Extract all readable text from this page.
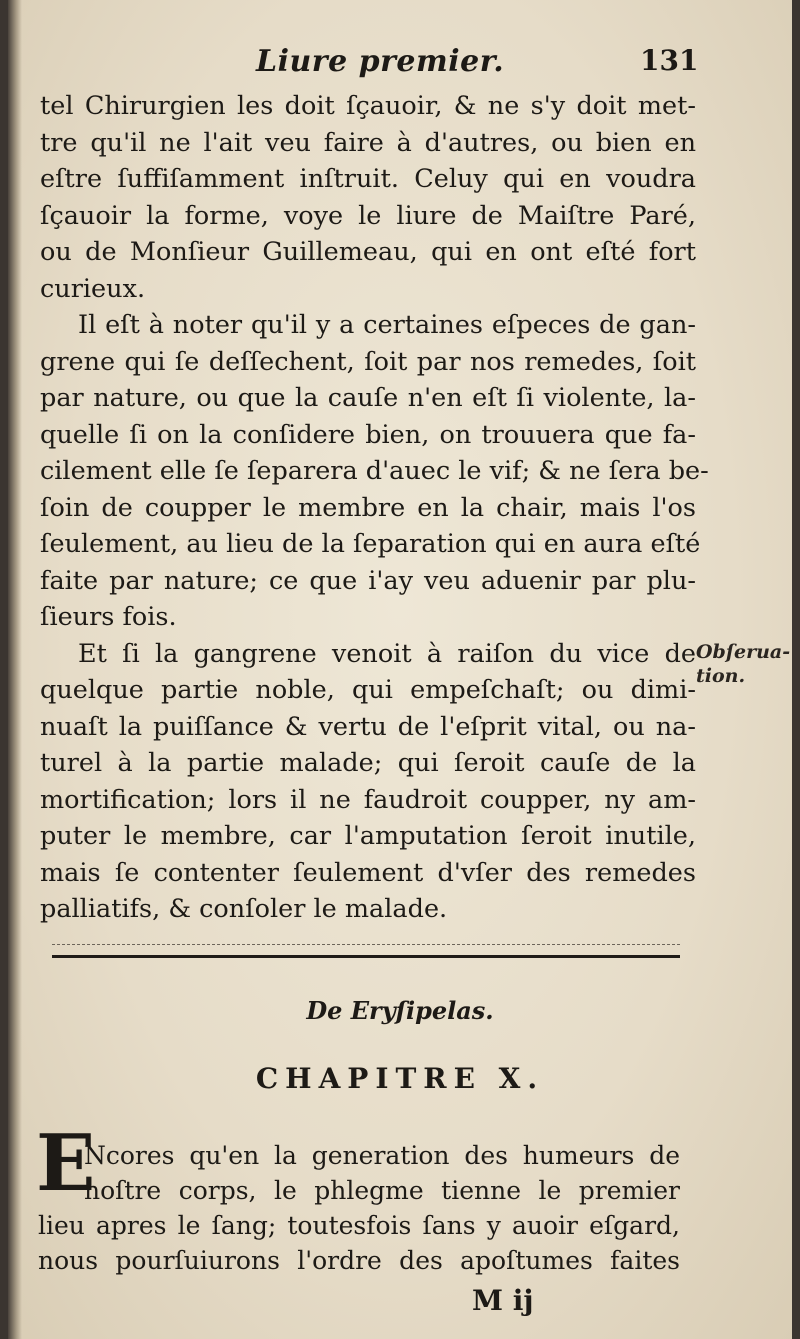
Liure premier.	131
tel Chirurgien les doit ſçauoir, & ne s'y doit met-
tre qu'il ne l'ait veu faire à d'autres, ou bien en
eſtre ſuffiſamment inſtruit. Celuy qui en voudra
ſçauoir la forme, voye le liure de Maiſtre Paré,
ou de Monſieur Guillemeau, qui en ont eſté fort
curieux.
Il eſt à noter qu'il y a certaines eſpeces de gan-
grene qui ſe deſſechent, ſoit par nos remedes, ſoit
par nature, ou que la cauſe n'en eſt ſi violente, la-
quelle ſi on la conſidere bien, on trouuera que fa-
cilement elle ſe ſeparera d'auec le vif; & ne ſera be-
ſoin de coupper le membre en la chair, mais l'os
ſeulement, au lieu de la ſeparation qui en aura eſté
faite par nature; ce que i'ay veu aduenir par plu-
ſieurs fois.
Et ſi la gangrene venoit à raiſon du vice de
quelque partie noble, qui empeſchaſt; ou dimi-
nuaſt la puiſſance & vertu de l'eſprit vital, ou na-
turel à la partie malade; qui ſeroit cauſe de la
mortification; lors il ne faudroit coupper, ny am-
puter le membre, car l'amputation ſeroit inutile,
mais ſe contenter ſeulement d'vſer des remedes
palliatifs, & conſoler le malade.
Obſerua-
tion.
De Eryſipelas.
CHAPITRE X.
E
Ncores qu'en la generation des humeurs de
noſtre corps, le phlegme tienne le premier
lieu apres le ſang; toutesfois ſans y auoir eſgard,
nous pourſuiurons l'ordre des apoſtumes faites
M ij
